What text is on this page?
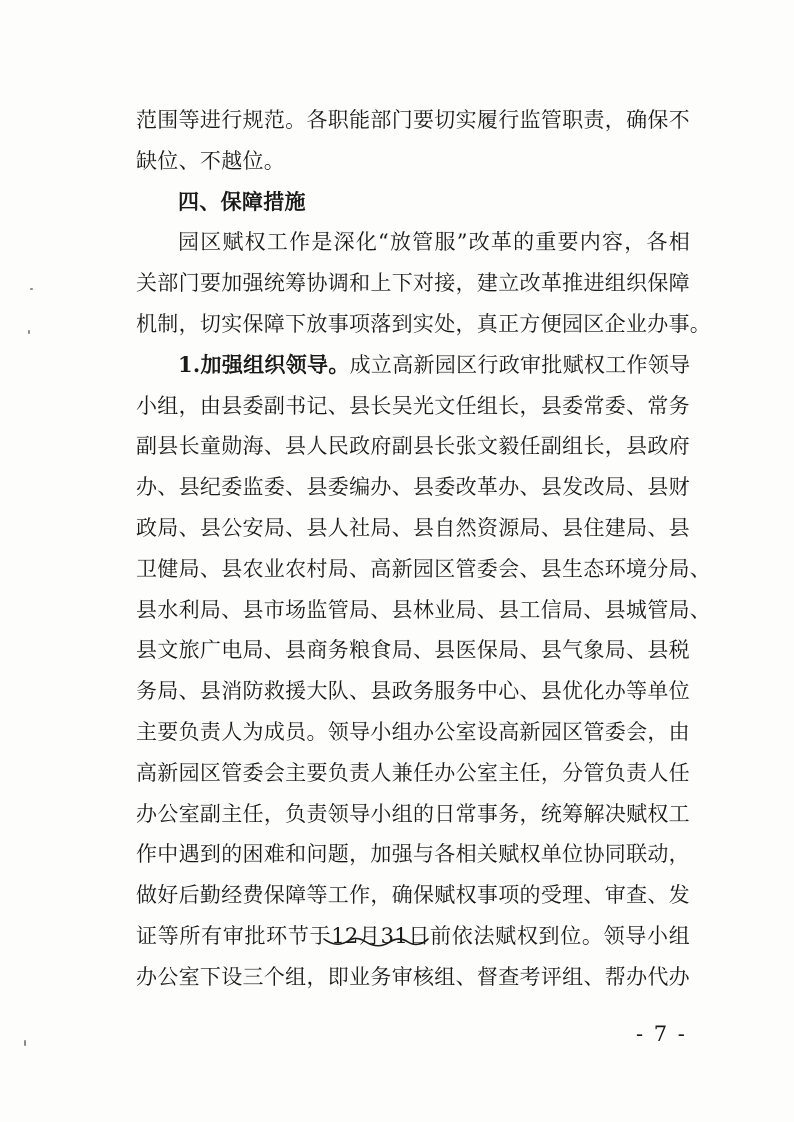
范围等进行规范。各职能部门要切实履行监管职责，确保不
缺位、不越位。
四、保障措施
园区赋权工作是深化“放管服”改革的重要内容，各相
关部门要加强统筹协调和上下对接，建立改革推进组织保障
机制，切实保障下放事项落到实处，真正方便园区企业办事。
1.加强组织领导。成立高新园区行政审批赋权工作领导
小组，由县委副书记、县长吴光文任组长，县委常委、常务
副县长童勋海、县人民政府副县长张文毅任副组长，县政府
办、县纪委监委、县委编办、县委改革办、县发改局、县财
政局、县公安局、县人社局、县自然资源局、县住建局、县
卫健局、县农业农村局、高新园区管委会、县生态环境分局、
县水利局、县市场监管局、县林业局、县工信局、县城管局、
县文旅广电局、县商务粮食局、县医保局、县气象局、县税
务局、县消防救援大队、县政务服务中心、县优化办等单位
主要负责人为成员。领导小组办公室设高新园区管委会，由
高新园区管委会主要负责人兼任办公室主任，分管负责人任
办公室副主任，负责领导小组的日常事务，统筹解决赋权工
作中遇到的困难和问题，加强与各相关赋权单位协同联动，
做好后勤经费保障等工作，确保赋权事项的受理、审查、发
证等所有审批环节于12月31日前依法赋权到位。领导小组
办公室下设三个组，即业务审核组、督查考评组、帮办代办
- 7 -
